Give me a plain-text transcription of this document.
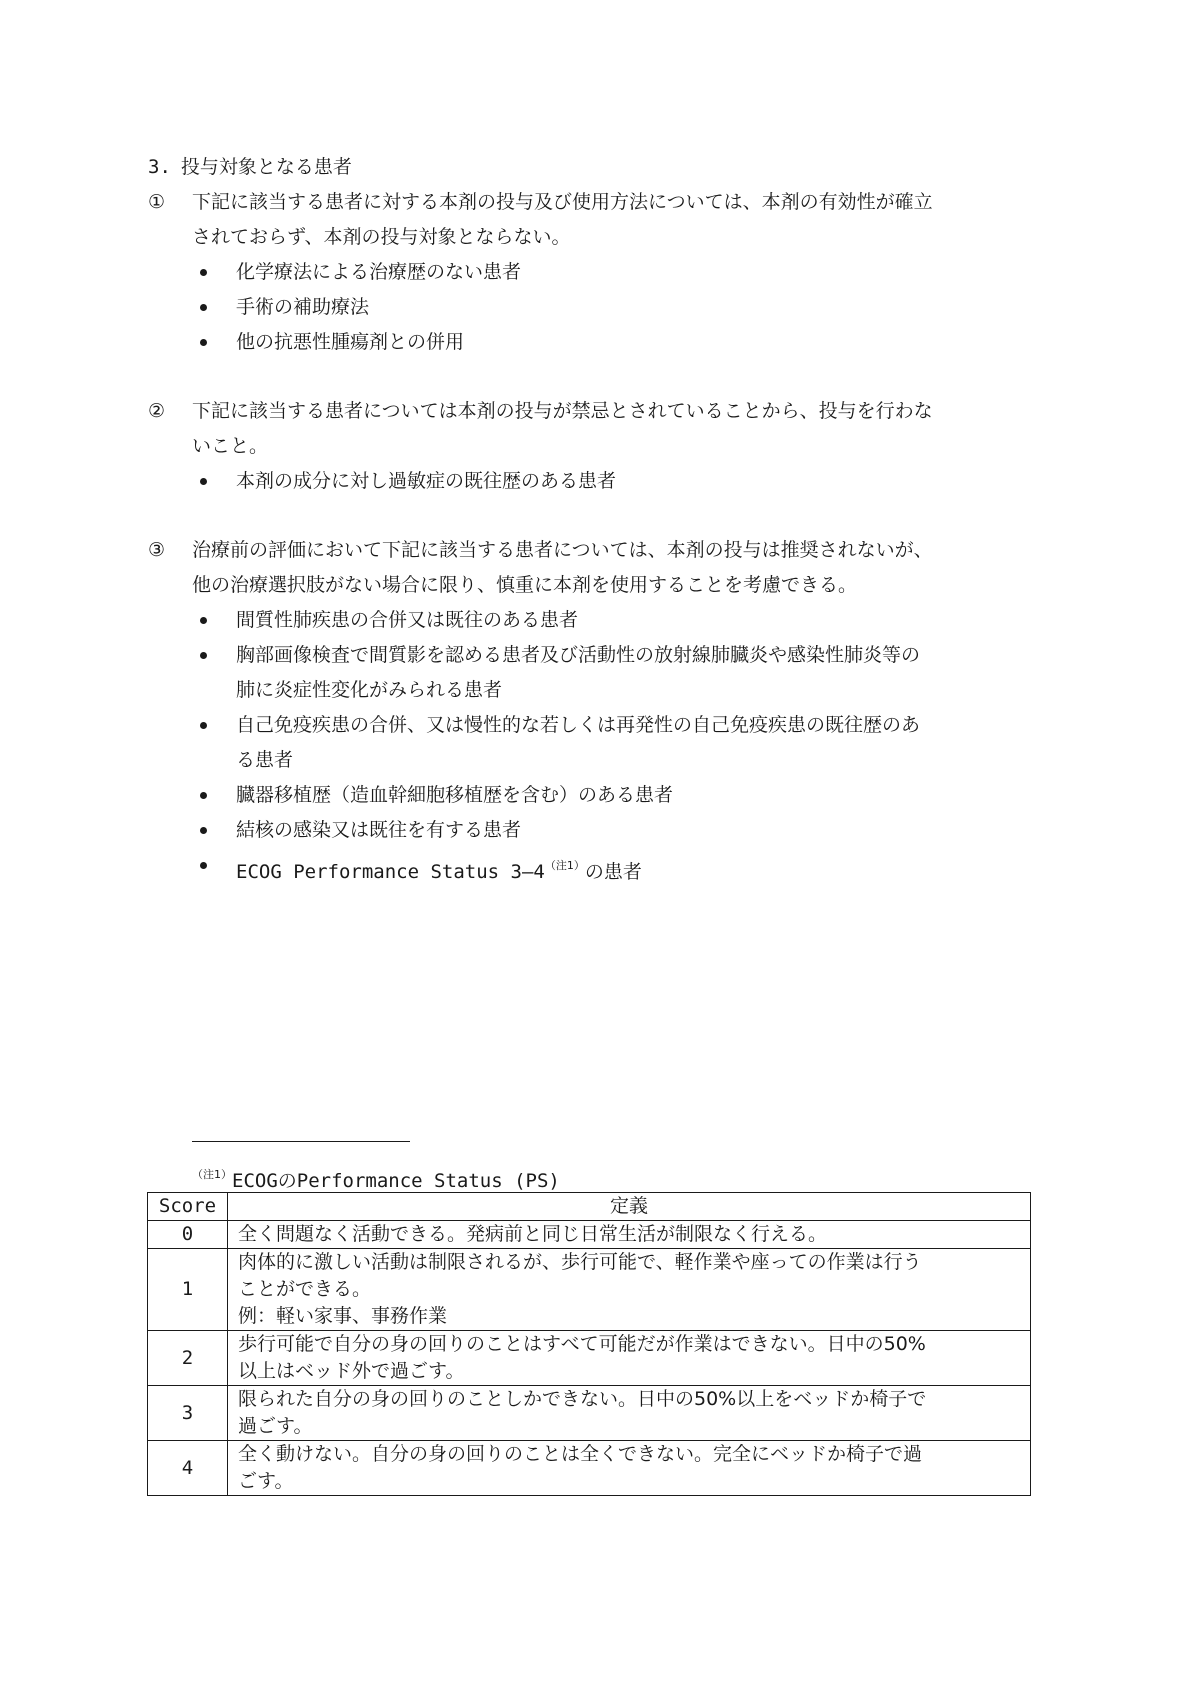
3. 投与対象となる患者
① 下記に該当する患者に対する本剤の投与及び使用方法については、本剤の有効性が確立
されておらず、本剤の投与対象とならない。
化学療法による治療歴のない患者
手術の補助療法
他の抗悪性腫瘍剤との併用
② 下記に該当する患者については本剤の投与が禁忌とされていることから、投与を行わな
いこと。
本剤の成分に対し過敏症の既往歴のある患者
③ 治療前の評価において下記に該当する患者については、本剤の投与は推奨されないが、
他の治療選択肢がない場合に限り、慎重に本剤を使用することを考慮できる。
間質性肺疾患の合併又は既往のある患者
胸部画像検査で間質影を認める患者及び活動性の放射線肺臓炎や感染性肺炎等の
肺に炎症性変化がみられる患者
自己免疫疾患の合併、又は慢性的な若しくは再発性の自己免疫疾患の既往歴のあ
る患者
臓器移植歴（造血幹細胞移植歴を含む）のある患者
結核の感染又は既往を有する患者
ECOG Performance Status $3―4^{(注1)}$の患者
$^{(注1)}$ECOGのPerformance Status (PS)
Score	定義
0	全く問題なく活動できる。発病前と同じ日常生活が制限なく行える。

1	肉体的に激しい活動は制限されるが、歩行可能で、軽作業や座っての作業は行う
ことができる。
例：軽い家事、事務作業

2	歩行可能で自分の身の回りのことはすべて可能だが作業はできない。日中の50%
以上はベッド外で過ごす。

3	限られた自分の身の回りのことしかできない。日中の50%以上をベッドか椅子で
過ごす。

4	全く動けない。自分の身の回りのことは全くできない。完全にベッドか椅子で過
ごす。
